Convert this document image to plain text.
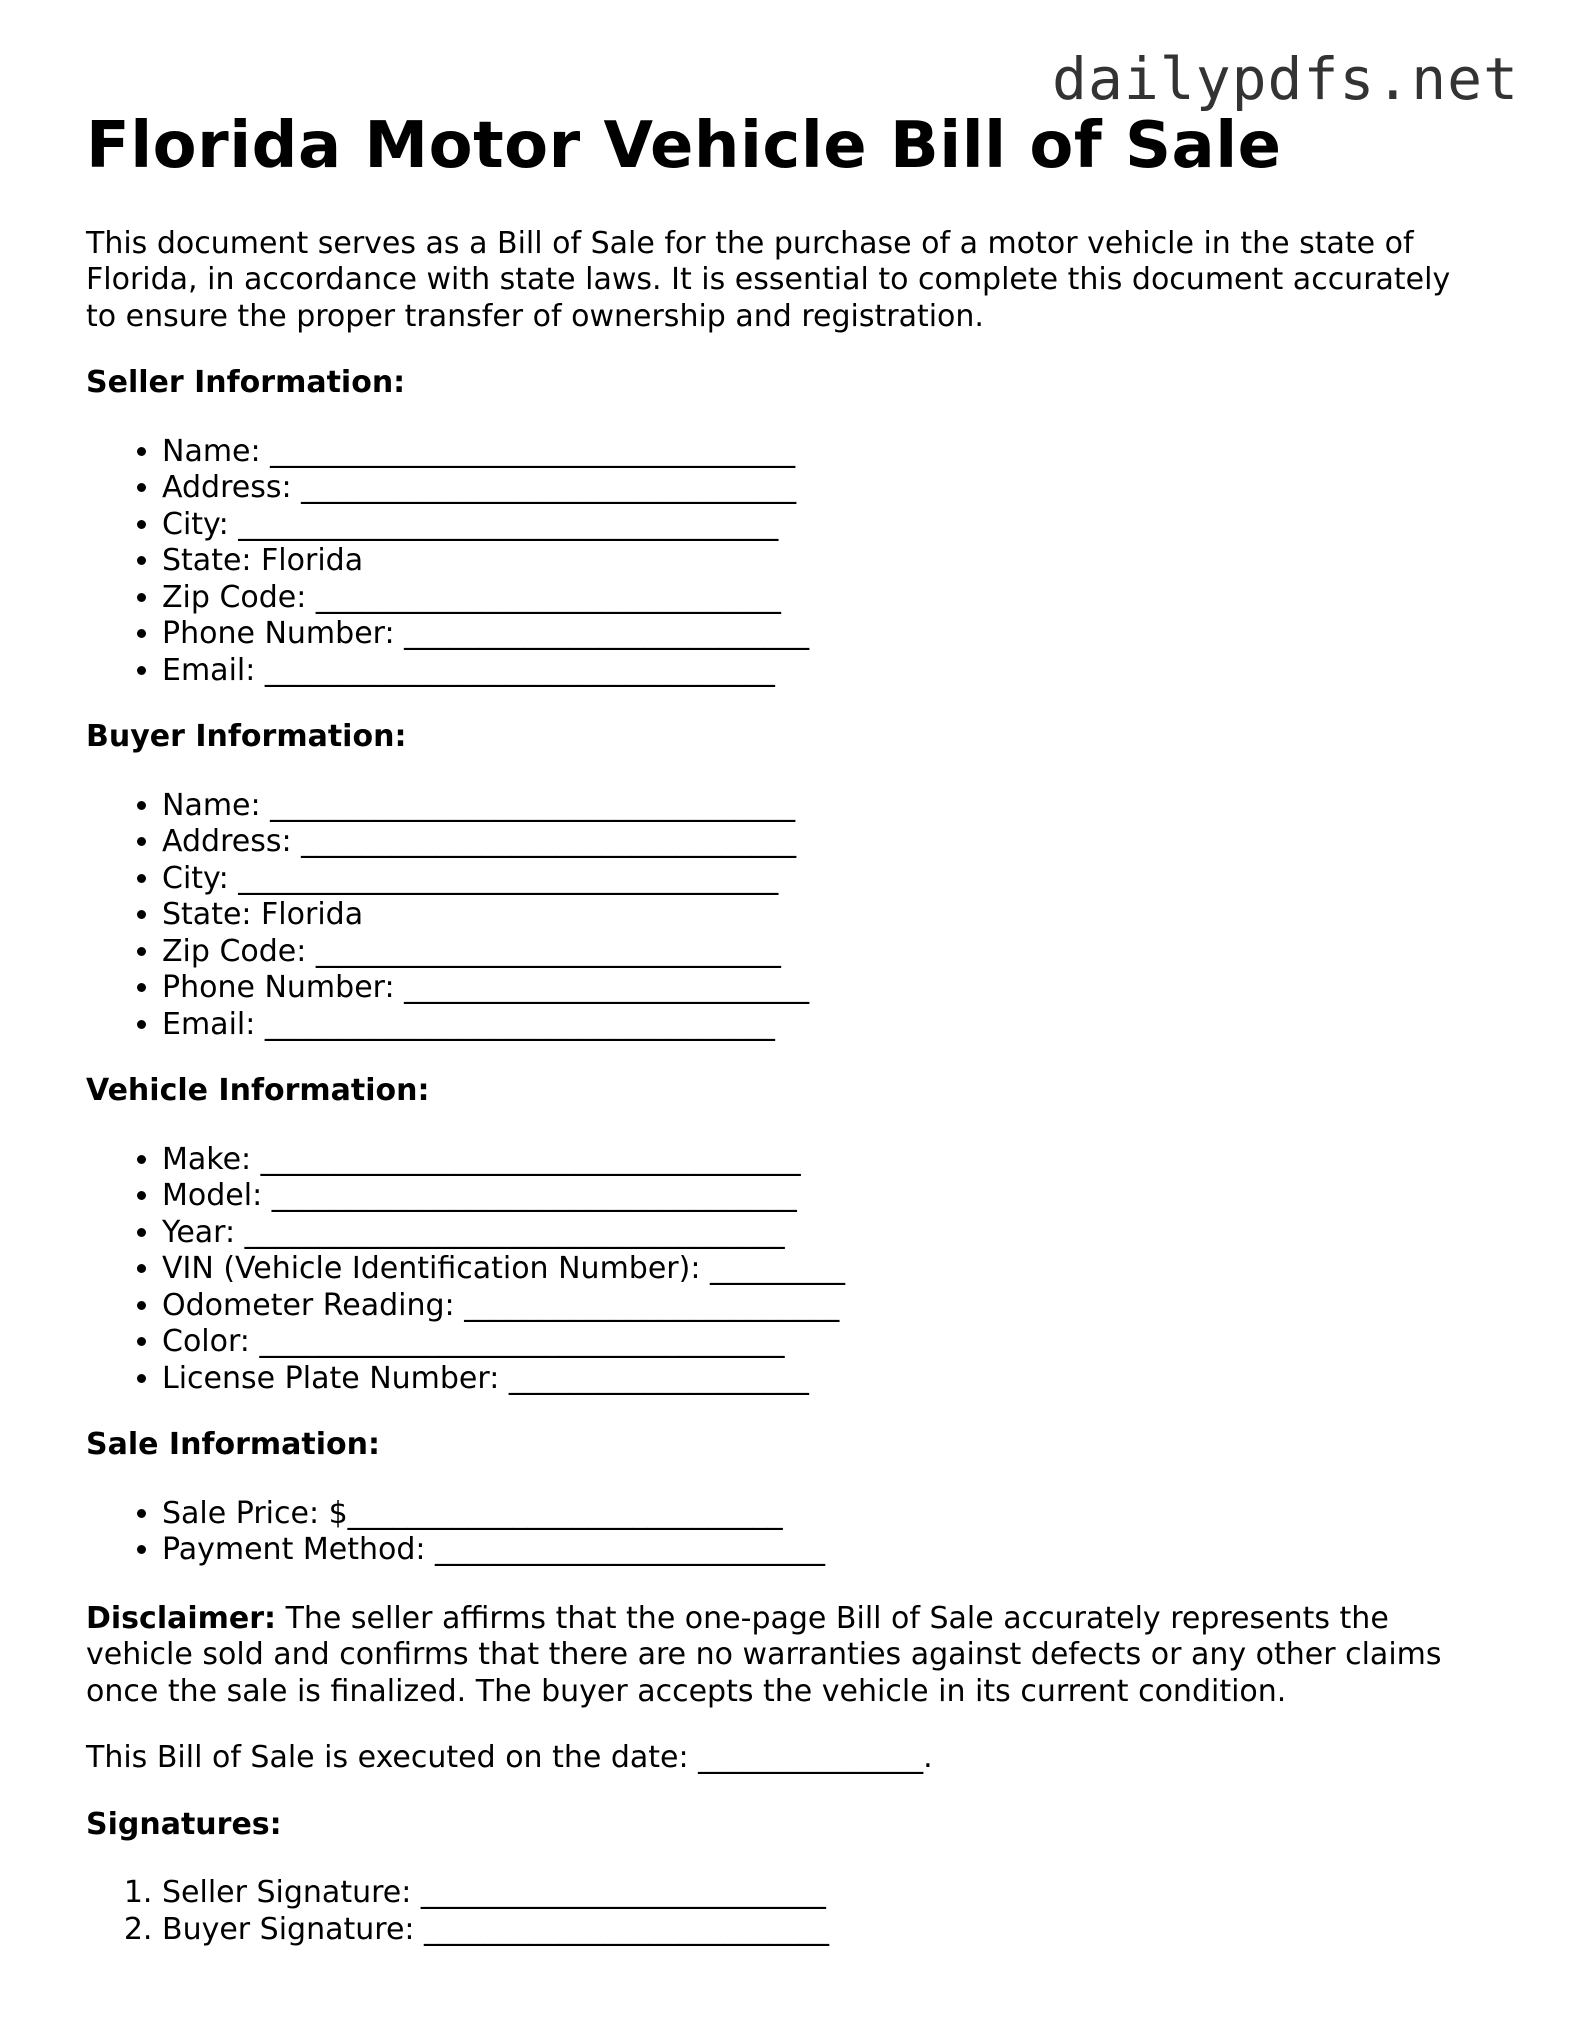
dailypdfs.net
Florida Motor Vehicle Bill of Sale

This document serves as a Bill of Sale for the purchase of a motor vehicle in the state of Florida, in accordance with state laws. It is essential to complete this document accurately to ensure the proper transfer of ownership and registration.

Seller Information:
• Name: ___________________________________
• Address: _________________________________
• City: ____________________________________
• State: Florida
• Zip Code: _______________________________
• Phone Number: ___________________________
• Email: __________________________________
Buyer Information:
• Name: ___________________________________
• Address: _________________________________
• City: ____________________________________
• State: Florida
• Zip Code: _______________________________
• Phone Number: ___________________________
• Email: __________________________________
Vehicle Information:
• Make: ____________________________________
• Model: ___________________________________
• Year: ____________________________________
• VIN (Vehicle Identification Number): _________
• Odometer Reading: _________________________
• Color: ___________________________________
• License Plate Number: ____________________
Sale Information:
• Sale Price: $_____________________________
• Payment Method: __________________________

Disclaimer: The seller affirms that the one-page Bill of Sale accurately represents the vehicle sold and confirms that there are no warranties against defects or any other claims once the sale is finalized. The buyer accepts the vehicle in its current condition.

This Bill of Sale is executed on the date: _______________.

Signatures:
1. Seller Signature: ___________________________
2. Buyer Signature: ___________________________
